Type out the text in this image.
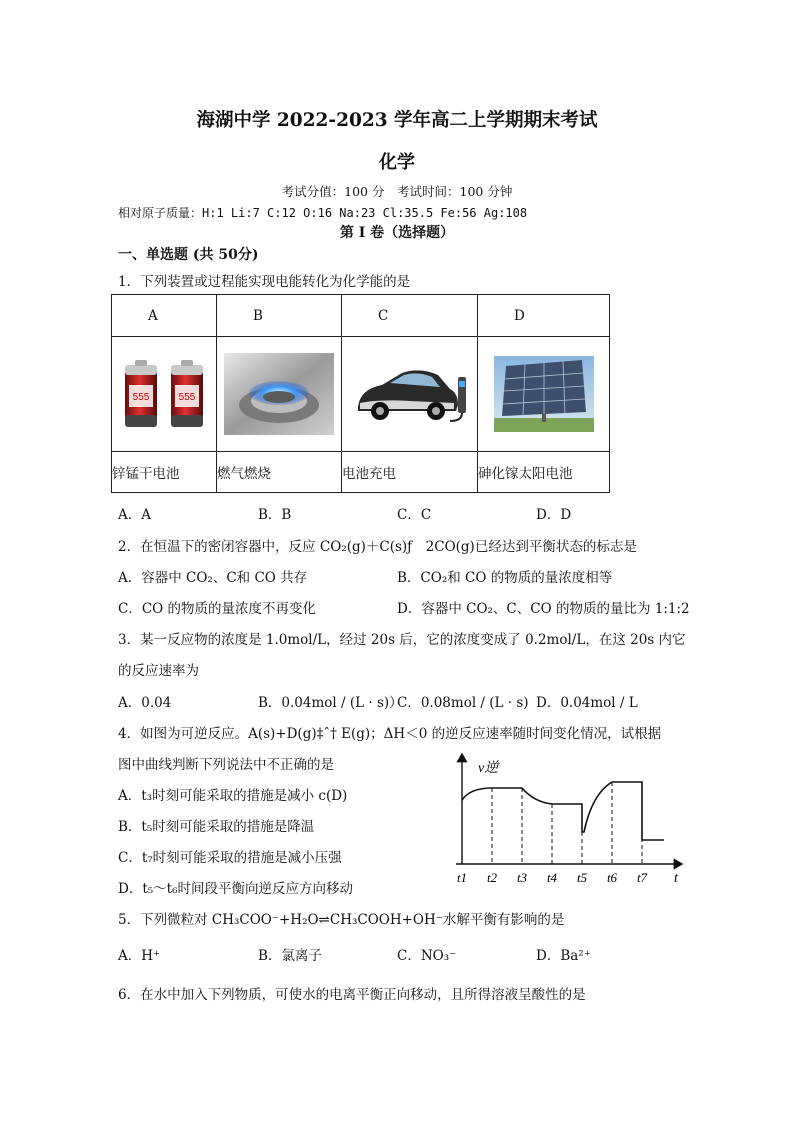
海湖中学 2022-2023 学年高二上学期期末考试
化学
考试分值：100 分　考试时间：100 分钟
相对原子质量：H:1 Li:7 C:12 O:16 Na:23 Cl:35.5 Fe:56 Ag:108
第 I 卷（选择题）
一、单选题 (共 50分)
1．下列装置或过程能实现电能转化为化学能的是
A	B	C	D

555 555

锌锰干电池	燃气燃烧	电池充电	砷化镓太阳电池
A．A	B．B	C．C	D．D
2．在恒温下的密闭容器中，反应 CO₂(g)＋C(s)ƒ　2CO(g)已经达到平衡状态的标志是
A．容器中 CO₂、C和 CO 共存	B．CO₂和 CO 的物质的量浓度相等
C．CO 的物质的量浓度不再变化	D．容器中 CO₂、C、CO 的物质的量比为 1:1:2
3．某一反应物的浓度是 1.0mol/L，经过 20s 后，它的浓度变成了 0.2mol/L，在这 20s 内它
的反应速率为
A．0.04	B．0.04mol / (L · s)）
C．0.08mol / (L · s) D．0.04mol / L
4．如图为可逆反应。A(s)+D(g)‡ˆ† E(g)；ΔH＜0 的逆反应速率随时间变化情况，试根据
图中曲线判断下列说法中不正确的是
A．t₃时刻可能采取的措施是减小 c(D)
B．t₅时刻可能采取的措施是降温
C．t₇时刻可能采取的措施是减小压强
D．t₅～t₆时间段平衡向逆反应方向移动
v逆
t
t1 t2 t3 t4 t5 t6 t7
5．下列微粒对 CH₃COO⁻+H₂O⇌CH₃COOH+OH⁻水解平衡有影响的是
A．H⁺	B．氯离子	C．NO₃⁻	D．Ba²⁺
6．在水中加入下列物质，可使水的电离平衡正向移动，且所得溶液呈酸性的是
